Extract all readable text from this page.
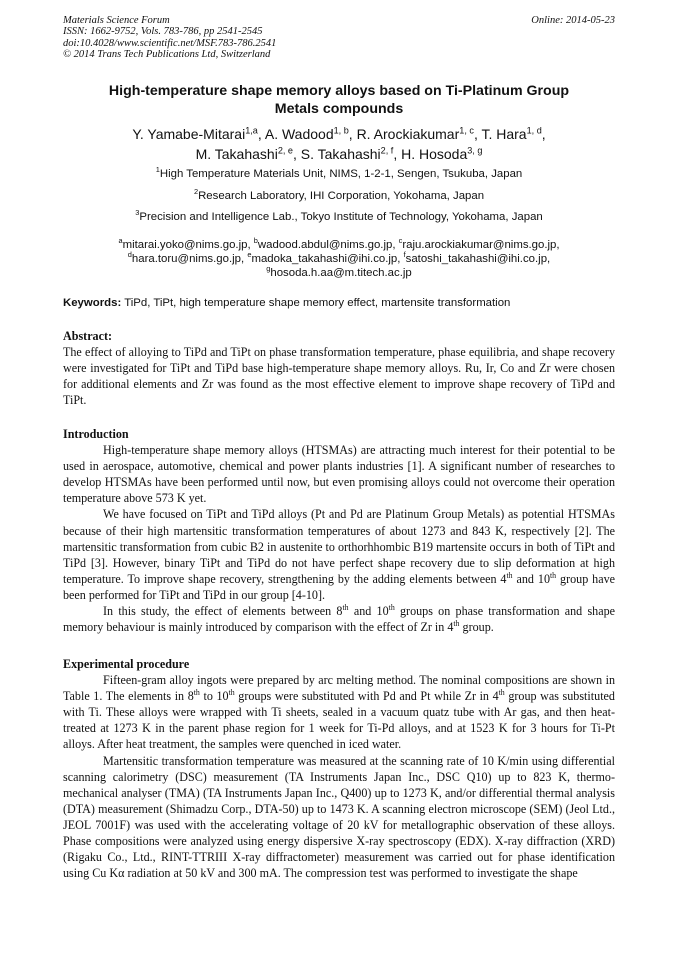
Materials Science Forum
ISSN: 1662-9752, Vols. 783-786, pp 2541-2545
doi:10.4028/www.scientific.net/MSF.783-786.2541
© 2014 Trans Tech Publications Ltd, Switzerland
Online: 2014-05-23
High-temperature shape memory alloys based on Ti-Platinum Group
Metals compounds
Y. Yamabe-Mitarai$^{1,a}$, A. Wadood$^{1, b}$, R. Arockiakumar$^{1, c}$, T. Hara$^{1, d}$,
M. Takahashi$^{2, e}$, S. Takahashi$^{2, f}$, H. Hosoda$^{3, g}$
$^1$High Temperature Materials Unit, NIMS, 1-2-1, Sengen, Tsukuba, Japan
$^2$Research Laboratory, IHI Corporation, Yokohama, Japan
$^3$Precision and Intelligence Lab., Tokyo Institute of Technology, Yokohama, Japan
$^a$mitarai.yoko@nims.go.jp, $^b$wadood.abdul@nims.go.jp, $^c$raju.arockiakumar@nims.go.jp,
$^d$hara.toru@nims.go.jp, $^e$madoka_takahashi@ihi.co.jp, $^f$satoshi_takahashi@ihi.co.jp,
$^g$hosoda.h.aa@m.titech.ac.jp
Keywords: TiPd, TiPt, high temperature shape memory effect, martensite transformation
Abstract:

The effect of alloying to TiPd and TiPt on phase transformation temperature, phase equilibria, and shape recovery were investigated for TiPt and TiPd base high-temperature shape memory alloys. Ru, Ir, Co and Zr were chosen for additional elements and Zr was found as the most effective element to improve shape recovery of TiPd and TiPt.

Introduction

High-temperature shape memory alloys (HTSMAs) are attracting much interest for their potential to be used in aerospace, automotive, chemical and power plants industries [1]. A significant number of researches to develop HTSMAs have been performed until now, but even promising alloys could not overcome their operation temperature above 573 K yet.

We have focused on TiPt and TiPd alloys (Pt and Pd are Platinum Group Metals) as potential HTSMAs because of their high martensitic transformation temperatures of about 1273 and 843 K, respectively [2]. The martensitic transformation from cubic B2 in austenite to orthorhhombic B19 martensite occurs in both of TiPt and TiPd [3]. However, binary TiPt and TiPd do not have perfect shape recovery due to slip deformation at high temperature. To improve shape recovery, strengthening by the adding elements between 4th and 10th group have been performed for TiPt and TiPd in our group [4-10].

In this study, the effect of elements between 8th and 10th groups on phase transformation and shape memory behaviour is mainly introduced by comparison with the effect of Zr in 4th group.

Experimental procedure

Fifteen-gram alloy ingots were prepared by arc melting method. The nominal compositions are shown in Table 1. The elements in 8th to 10th groups were substituted with Pd and Pt while Zr in 4th group was substituted with Ti. These alloys were wrapped with Ti sheets, sealed in a vacuum quatz tube with Ar gas, and then heat-treated at 1273 K in the parent phase region for 1 week for Ti-Pd alloys, and at 1523 K for 3 hours for Ti-Pt alloys. After heat treatment, the samples were quenched in iced water.

Martensitic transformation temperature was measured at the scanning rate of 10 K/min using differential scanning calorimetry (DSC) measurement (TA Instruments Japan Inc., DSC Q10) up to 823 K, thermo-mechanical analyser (TMA) (TA Instruments Japan Inc., Q400) up to 1273 K, and/or differential thermal analysis (DTA) measurement (Shimadzu Corp., DTA-50) up to 1473 K. A scanning electron microscope (SEM) (Jeol Ltd., JEOL 7001F) was used with the accelerating voltage of 20 kV for metallographic observation of these alloys. Phase compositions were analyzed using energy dispersive X-ray spectroscopy (EDX). X-ray diffraction (XRD) (Rigaku Co., Ltd., RINT-TTRIII X-ray diffractometer) measurement was carried out for phase identification using Cu Kα radiation at 50 kV and 300 mA. The compression test was performed to investigate the shape
